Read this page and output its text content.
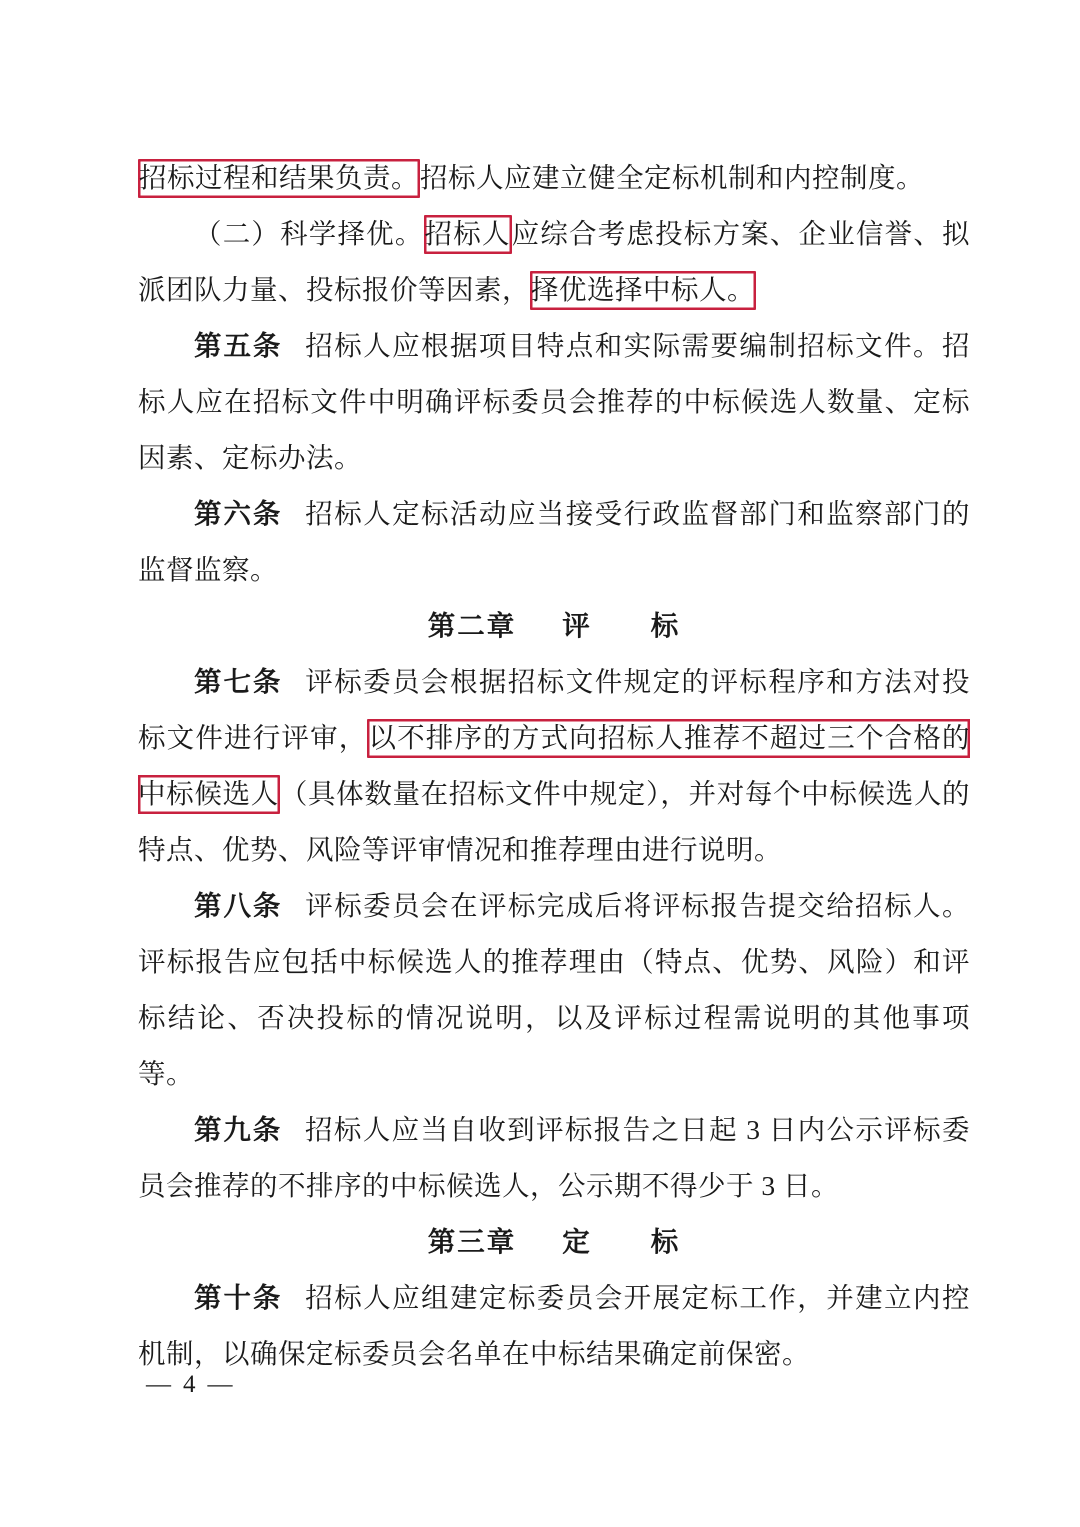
招标过程和结果负责。招标人应建立健全定标机制和内控制度。

（二）科学择优。招标人应综合考虑投标方案、企业信誉、拟派团队力量、投标报价等因素，择优选择中标人。

第五条 招标人应根据项目特点和实际需要编制招标文件。招标人应在招标文件中明确评标委员会推荐的中标候选人数量、定标因素、定标办法。

第六条 招标人定标活动应当接受行政监督部门和监察部门的监督监察。

第二章 评　　标

第七条 评标委员会根据招标文件规定的评标程序和方法对投标文件进行评审，以不排序的方式向招标人推荐不超过三个合格的中标候选人（具体数量在招标文件中规定），并对每个中标候选人的特点、优势、风险等评审情况和推荐理由进行说明。

第八条 评标委员会在评标完成后将评标报告提交给招标人。评标报告应包括中标候选人的推荐理由（特点、优势、风险）和评标结论、否决投标的情况说明，以及评标过程需说明的其他事项等。

第九条 招标人应当自收到评标报告之日起 3 日内公示评标委员会推荐的不排序的中标候选人，公示期不得少于 3 日。

第三章 定　　标

第十条 招标人应组建定标委员会开展定标工作，并建立内控机制，以确保定标委员会名单在中标结果确定前保密。

— 4 —
